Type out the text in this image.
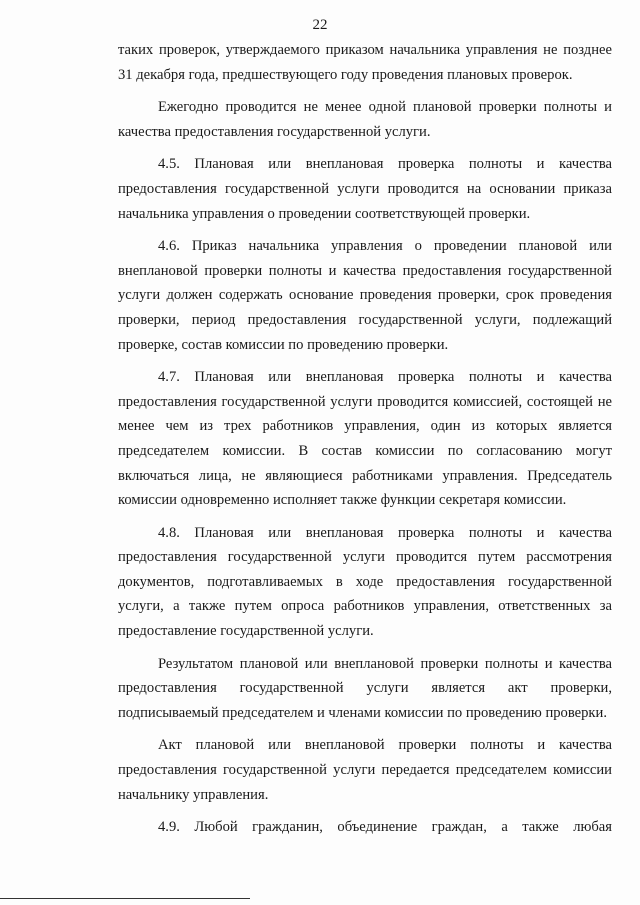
22

таких проверок, утверждаемого приказом начальника управления не позднее 31 декабря года, предшествующего году проведения плановых проверок.

Ежегодно проводится не менее одной плановой проверки полноты и качества предоставления государственной услуги.

4.5. Плановая или внеплановая проверка полноты и качества предоставления государственной услуги проводится на основании приказа начальника управления о проведении соответствующей проверки.

4.6. Приказ начальника управления о проведении плановой или внеплановой проверки полноты и качества предоставления государственной услуги должен содержать основание проведения проверки, срок проведения проверки, период предоставления государственной услуги, подлежащий проверке, состав комиссии по проведению проверки.

4.7. Плановая или внеплановая проверка полноты и качества предоставления государственной услуги проводится комиссией, состоящей не менее чем из трех работников управления, один из которых является председателем комиссии. В состав комиссии по согласованию могут включаться лица, не являющиеся работниками управления. Председатель комиссии одновременно исполняет также функции секретаря комиссии.

4.8. Плановая или внеплановая проверка полноты и качества предоставления государственной услуги проводится путем рассмотрения документов, подготавливаемых в ходе предоставления государственной услуги, а также путем опроса работников управления, ответственных за предоставление государственной услуги.

Результатом плановой или внеплановой проверки полноты и качества предоставления государственной услуги является акт проверки, подписываемый председателем и членами комиссии по проведению проверки.

Акт плановой или внеплановой проверки полноты и качества предоставления государственной услуги передается председателем комиссии начальнику управления.

4.9. Любой гражданин, объединение граждан, а также любая
